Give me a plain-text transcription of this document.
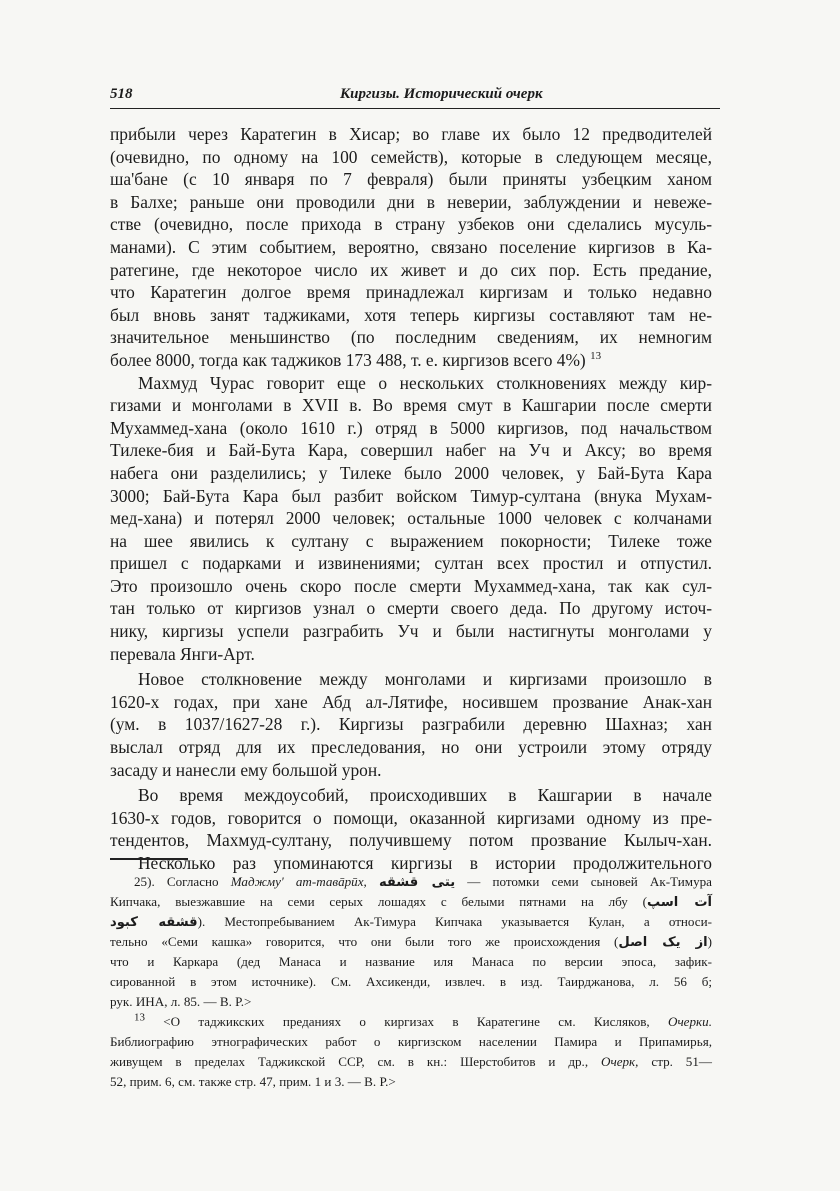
518	Киргизы. Исторический очерк
прибыли через Каратегин в Хисар; во главе их было 12 предводителей
(очевидно, по одному на 100 семейств), которые в следующем месяце,
ша'бане (с 10 января по 7 февраля) были приняты узбецким ханом
в Балхе; раньше они проводили дни в неверии, заблуждении и невеже-
стве (очевидно, после прихода в страну узбеков они сделались мусуль-
манами). С этим событием, вероятно, связано поселение киргизов в Ка-
ратегине, где некоторое число их живет и до сих пор. Есть предание,
что Каратегин долгое время принадлежал киргизам и только недавно
был вновь занят таджиками, хотя теперь киргизы составляют там не-
значительное меньшинство (по последним сведениям, их немногим
более 8000, тогда как таджиков 173 488, т. е. киргизов всего 4%) $^{13}$
Махмуд Чурас говорит еще о нескольких столкновениях между кир-
гизами и монголами в XVII в. Во время смут в Кашгарии после смерти
Мухаммед-хана (около 1610 г.) отряд в 5000 киргизов, под начальством
Тилеке-бия и Бай-Бута Кара, совершил набег на Уч и Аксу; во время
набега они разделились; у Тилеке было 2000 человек, у Бай-Бута Кара
3000; Бай-Бута Кара был разбит войском Тимур-султана (внука Мухам-
мед-хана) и потерял 2000 человек; остальные 1000 человек с колчанами
на шее явились к султану с выражением покорности; Тилеке тоже
пришел с подарками и извинениями; султан всех простил и отпустил.
Это произошло очень скоро после смерти Мухаммед-хана, так как сул-
тан только от киргизов узнал о смерти своего деда. По другому источ-
нику, киргизы успели разграбить Уч и были настигнуты монголами у
перевала Янги-Арт.
Новое столкновение между монголами и киргизами произошло в
1620-х годах, при хане Абд ал-Лятифе, носившем прозвание Анак-хан
(ум. в 1037/1627-28 г.). Киргизы разграбили деревню Шахназ; хан
выслал отряд для их преследования, но они устроили этому отряду
засаду и нанесли ему большой урон.
Во время междоусобий, происходивших в Кашгарии в начале
1630-х годов, говорится о помощи, оказанной киргизами одному из пре-
тендентов, Махмуд-султану, получившему потом прозвание Кылыч-хан.
Несколько раз упоминаются киргизы в истории продолжительного
25). Согласно Маджму' ат-тавāрūх, يتى قشقه — потомки семи сыновей Ак-Тимура
Кипчака, выезжавшие на семи серых лошадях с белыми пятнами на лбу (آت اسپ
قشقه کبود). Местопребыванием Ак-Тимура Кипчака указывается Кулан, а относи-
тельно «Семи кашка» говорится, что они были того же происхождения (از یک اصل)
что и Каркара (дед Манаса и название иля Манаса по версии эпоса, зафик-
сированной в этом источнике). См. Ахсикенди, извлеч. в изд. Таирджанова, л. 56 б;
рук. ИНА, л. 85. — В. Р.>
$^{13}$ <О таджикских преданиях о киргизах в Каратегине см. Кисляков, Очерки.
Библиографию этнографических работ о киргизском населении Памира и Припамирья,
живущем в пределах Таджикской ССР, см. в кн.: Шерстобитов и др., Очерк, стр. 51—
52, прим. 6, см. также стр. 47, прим. 1 и 3. — В. Р.>
